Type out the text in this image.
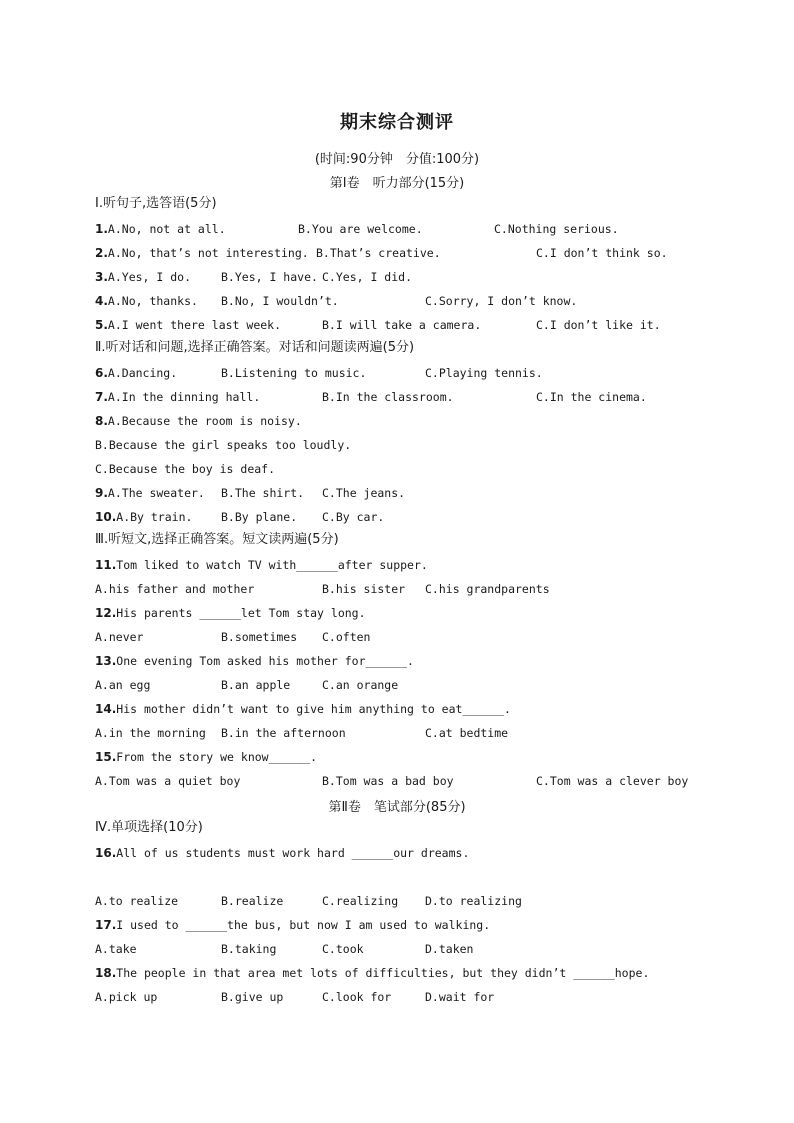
期末综合测评
(时间:90分钟　分值:100分)
第Ⅰ卷　听力部分(15分)
Ⅰ.听句子,选答语(5分)
1.A.No, not at all.	B.You are welcome.	C.Nothing serious.
2.A.No, that’s not interesting. B.That’s creative.	C.I don’t think so.
3.A.Yes, I do.	B.Yes, I have. C.Yes, I did.
4.A.No, thanks. B.No, I wouldn’t.	C.Sorry, I don’t know.
5.A.I went there last week.	B.I will take a camera.	C.I don’t like it.
Ⅱ.听对话和问题,选择正确答案。对话和问题读两遍(5分)
6.A.Dancing.	B.Listening to music.	C.Playing tennis.
7.A.In the dinning hall.	B.In the classroom.	C.In the cinema.
8.A.Because the room is noisy.
B.Because the girl speaks too loudly.
C.Because the boy is deaf.
9.A.The sweater. B.The shirt. C.The jeans.
10.A.By train. B.By plane. C.By car.
Ⅲ.听短文,选择正确答案。短文读两遍(5分)
11.Tom liked to watch TV with______after supper.
A.his father and mother	B.his sister C.his grandparents
12.His parents ______let Tom stay long.
A.never	B.sometimes C.often
13.One evening Tom asked his mother for______.
A.an egg	B.an apple	C.an orange
14.His mother didn’t want to give him anything to eat______.
A.in the morning B.in the afternoon	C.at bedtime
15.From the story we know______.
A.Tom was a quiet boy	B.Tom was a bad boy	C.Tom was a clever boy
第Ⅱ卷　笔试部分(85分)
Ⅳ.单项选择(10分)
16.All of us students must work hard ______our dreams.
A.to realize	B.realize	C.realizing D.to realizing
17.I used to ______the bus, but now I am used to walking.
A.take	B.taking	C.took	D.taken
18.The people in that area met lots of difficulties, but they didn’t ______hope.
A.pick up	B.give up	C.look for	D.wait for
